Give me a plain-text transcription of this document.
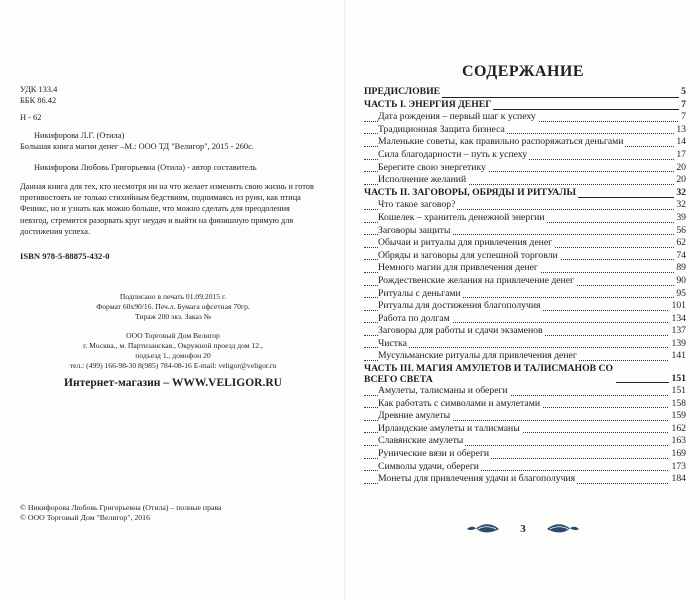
УДК 133.4
ББК 86.42
Н - 62
Никифорова Л.Г. (Отила)
Большая книга магии денег –М.: ООО ТД "Велигор", 2015 - 260с.
Никифорова Любовь Григорьевна (Отила) - автор составитель
Данная книга для тех, кто несмотря ни на что желает изменить свою жизнь и готов противостоять не только стихийным бедствиям, поднимаясь из руин, как птица Феникс, но и узнать как можно больше, что можно сделать для преодоления невзгод, стремится разорвать круг неудач и выйти на финишную прямую для достижения успеха.
ISBN 978-5-88875-432-0
Подписано в печать 01.09.2015 г.
Формат 60х90/16. Печ.л. Бумага офсетная 70гр.
Тираж 200 экз. Заказ №
ООО Торговый Дом Велигор
г. Москва., м. Партизанская., Окружной проезд дом 12.,
подъезд 1., домофон 20
тел.: (499) 166-98-30 8(985) 784-08-16 E-mail: veligor@veligor.ru
Интернет-магазин – WWW.VELIGOR.RU
© Никифорова Любовь Григорьевна (Отила) – полные права
© ООО Торговый Дом "Велигор", 2016
СОДЕРЖАНИЕ
ПРЕДИСЛОВИЕ	5
ЧАСТЬ I. ЭНЕРГИЯ ДЕНЕГ	7
Дата рождения – первый шаг к успеху	7
Традиционная Защита бизнеса	13
Маленькие советы, как правильно распоряжаться деньгами	14
Сила благодарности – путь к успеху	17
Берегите свою энергетику	20
Исполнение желаний	20
ЧАСТЬ II. ЗАГОВОРЫ, ОБРЯДЫ И РИТУАЛЫ	32
Что такое заговор?	32
Кошелек – хранитель денежной энергии	39
Заговоры защиты	56
Обычаи и ритуалы для привлечения денег	62
Обряды и заговоры для успешной торговли	74
Немного магии для привлечения денег	89
Рождественские желания на привлечение денег	90
Ритуалы с деньгами	95
Ритуалы для достижения благополучия	101
Работа по долгам	134
Заговоры для работы и сдачи экзаменов	137
Чистка	139
Мусульманские ритуалы для привлечения денег	141
ЧАСТЬ III. МАГИЯ АМУЛЕТОВ И ТАЛИСМАНОВ СО ВСЕГО СВЕТА	151
Амулеты, талисманы и обереги	151
Как работать с символами и амулетами	158
Древние амулеты	159
Ирландские амулеты и талисманы	162
Славянские амулеты	163
Рунические вязи и обереги	169
Символы удачи, обереги	173
Монеты для привлечения удачи и благополучия	184
3
